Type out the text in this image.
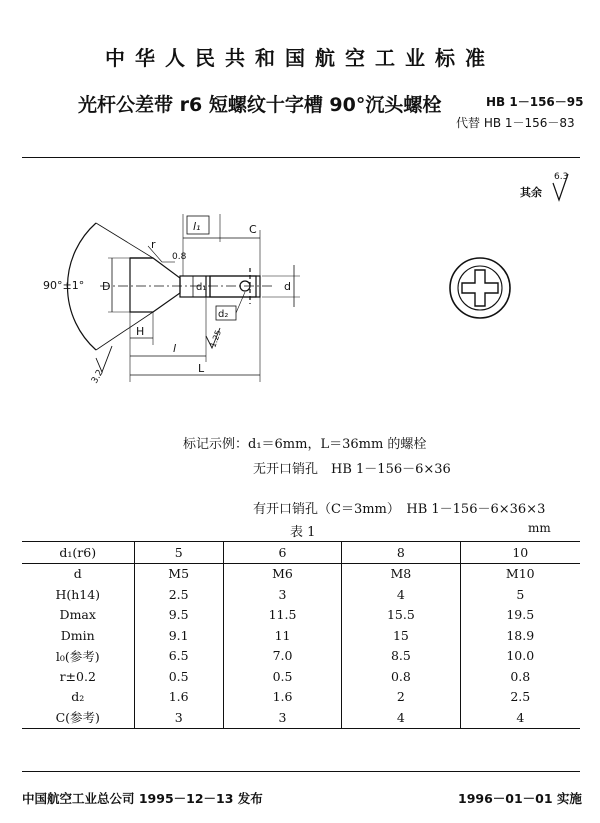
中华人民共和国航空工业标准
光杆公差带 r6 短螺纹十字槽 90°沉头螺栓	HB 1－156－95
代替 HB 1－156－83
其余
6.3
90°±1°
3.2
1.25
l₁	C
r
0.8
d₁	d
D
H
d₂
l
L
标记示例：d₁＝6mm，L＝36mm 的螺栓
无开口销孔　HB 1－156－6×36
有开口销孔（C＝3mm）　HB 1－156－6×36×3
表 1	mm
d₁(r6)	5	6	8	10
d	M5	M6	M8	M10
H(h14)	2.5	3	4	5
Dmax	9.5	11.5	15.5	19.5
Dmin	9.1	11	15	18.9
l₀(参考)	6.5	7.0	8.5	10.0
r±0.2	0.5	0.5	0.8	0.8
d₂	1.6	1.6	2	2.5
C(参考)	3	3	4	4
中国航空工业总公司 1995－12－13 发布	1996－01－01 实施
